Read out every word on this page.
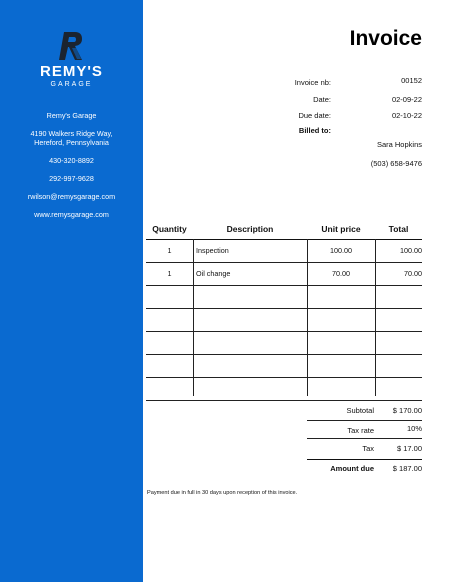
REMY'S
GARAGE
Remy's Garage
4190 Walkers Ridge Way,
Hereford, Pennsylvania
430-320-8892
292-997-9628
rwilson@remysgarage.com
www.remysgarage.com
Invoice
Invoice nb:	00152
Date:	02-09-22
Due date:	02-10-22
Billed to:
Sara Hopkins
(503) 658-9476
Quantity	Description	Unit price	Total
1	Inspection	100.00	100.00
1	Oil change	70.00	70.00
Subtotal	$ 170.00
Tax rate	10%
Tax	$ 17.00
Amount due	$ 187.00
Payment due in full in 30 days upon reception of this invoice.
